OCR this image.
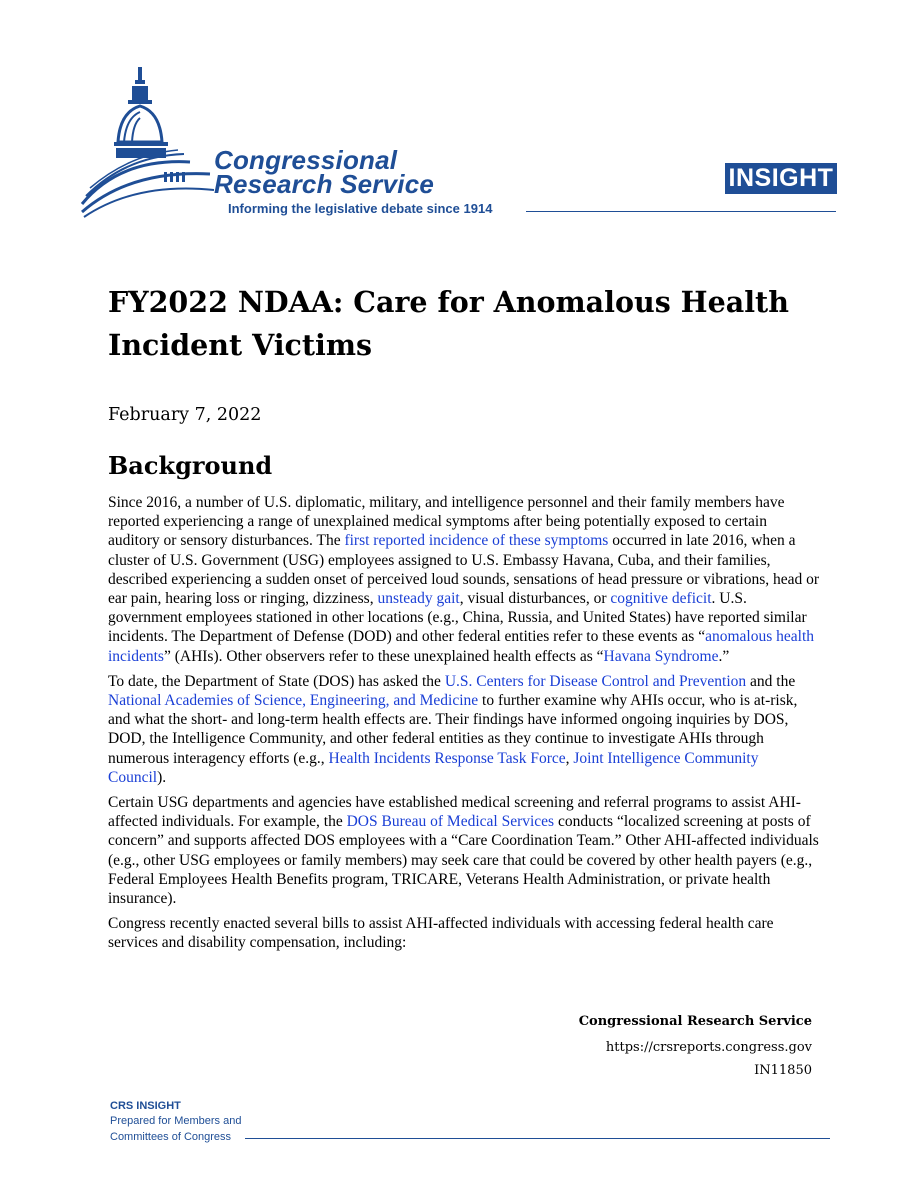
Congressional
Research Service
Informing the legislative debate since 1914
INSIGHT
FY2022 NDAA: Care for Anomalous Health Incident Victims
February 7, 2022
Background

Since 2016, a number of U.S. diplomatic, military, and intelligence personnel and their family members have reported experiencing a range of unexplained medical symptoms after being potentially exposed to certain auditory or sensory disturbances. The first reported incidence of these symptoms occurred in late 2016, when a cluster of U.S. Government (USG) employees assigned to U.S. Embassy Havana, Cuba, and their families, described experiencing a sudden onset of perceived loud sounds, sensations of head pressure or vibrations, head or ear pain, hearing loss or ringing, dizziness, unsteady gait, visual disturbances, or cognitive deficit. U.S. government employees stationed in other locations (e.g., China, Russia, and United States) have reported similar incidents. The Department of Defense (DOD) and other federal entities refer to these events as “anomalous health incidents” (AHIs). Other observers refer to these unexplained health effects as “Havana Syndrome.”

To date, the Department of State (DOS) has asked the U.S. Centers for Disease Control and Prevention and the National Academies of Science, Engineering, and Medicine to further examine why AHIs occur, who is at-risk, and what the short- and long-term health effects are. Their findings have informed ongoing inquiries by DOS, DOD, the Intelligence Community, and other federal entities as they continue to investigate AHIs through numerous interagency efforts (e.g., Health Incidents Response Task Force, Joint Intelligence Community Council).

Certain USG departments and agencies have established medical screening and referral programs to assist AHI-affected individuals. For example, the DOS Bureau of Medical Services conducts “localized screening at posts of concern” and supports affected DOS employees with a “Care Coordination Team.” Other AHI-affected individuals (e.g., other USG employees or family members) may seek care that could be covered by other health payers (e.g., Federal Employees Health Benefits program, TRICARE, Veterans Health Administration, or private health insurance).

Congress recently enacted several bills to assist AHI-affected individuals with accessing federal health care services and disability compensation, including:

Congressional Research Service
https://crsreports.congress.gov
IN11850
CRS INSIGHT
Prepared for Members and
Committees of Congress
